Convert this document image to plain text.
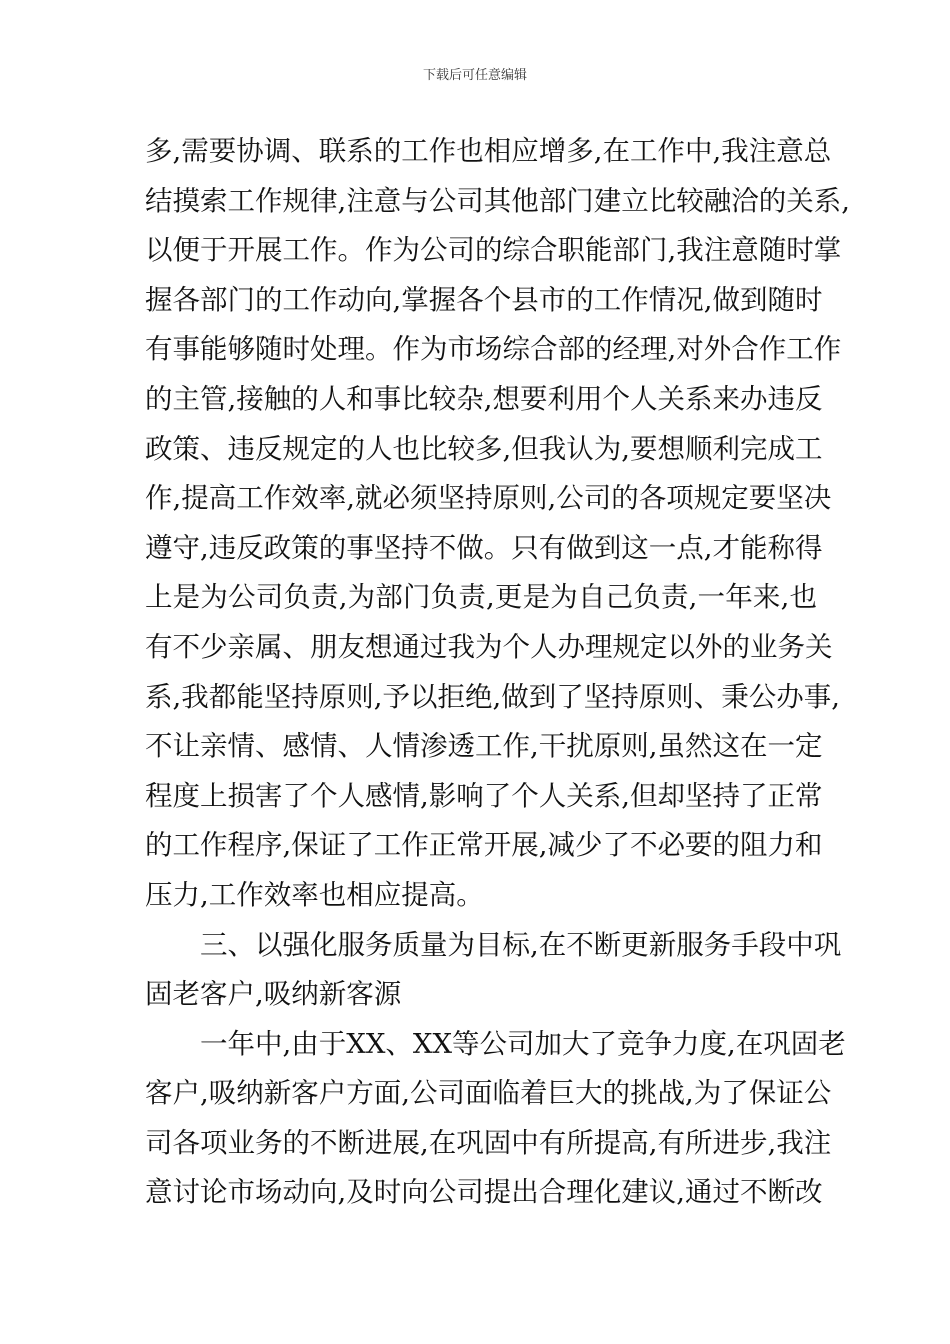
下载后可任意编辑
多,需要协调、联系的工作也相应增多,在工作中,我注意总
结摸索工作规律,注意与公司其他部门建立比较融洽的关系,
以便于开展工作。作为公司的综合职能部门,我注意随时掌
握各部门的工作动向,掌握各个县市的工作情况,做到随时
有事能够随时处理。作为市场综合部的经理,对外合作工作
的主管,接触的人和事比较杂,想要利用个人关系来办违反
政策、违反规定的人也比较多,但我认为,要想顺利完成工
作,提高工作效率,就必须坚持原则,公司的各项规定要坚决
遵守,违反政策的事坚持不做。只有做到这一点,才能称得
上是为公司负责,为部门负责,更是为自己负责,一年来,也
有不少亲属、朋友想通过我为个人办理规定以外的业务关
系,我都能坚持原则,予以拒绝,做到了坚持原则、秉公办事,
不让亲情、感情、人情渗透工作,干扰原则,虽然这在一定
程度上损害了个人感情,影响了个人关系,但却坚持了正常
的工作程序,保证了工作正常开展,减少了不必要的阻力和
压力,工作效率也相应提高。
三、以强化服务质量为目标,在不断更新服务手段中巩
固老客户,吸纳新客源
一年中,由于XX、XX等公司加大了竞争力度,在巩固老
客户,吸纳新客户方面,公司面临着巨大的挑战,为了保证公
司各项业务的不断进展,在巩固中有所提高,有所进步,我注
意讨论市场动向,及时向公司提出合理化建议,通过不断改
